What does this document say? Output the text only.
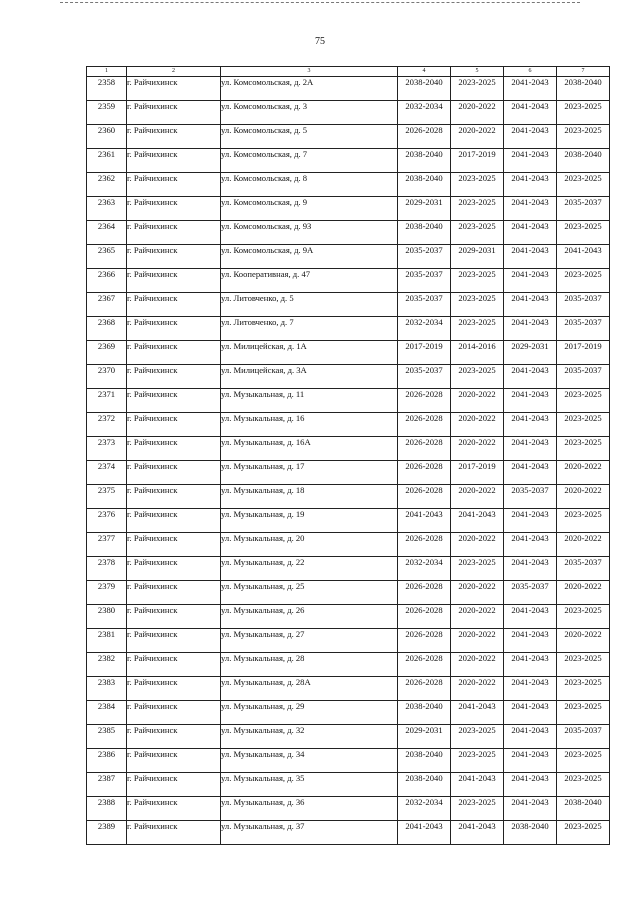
75
1	2	3	4	5	6	7
2358	г. Райчихинск	ул. Комсомольская, д. 2А	2038-2040	2023-2025	2041-2043	2038-2040
2359	г. Райчихинск	ул. Комсомольская, д. 3	2032-2034	2020-2022	2041-2043	2023-2025
2360	г. Райчихинск	ул. Комсомольская, д. 5	2026-2028	2020-2022	2041-2043	2023-2025
2361	г. Райчихинск	ул. Комсомольская, д. 7	2038-2040	2017-2019	2041-2043	2038-2040
2362	г. Райчихинск	ул. Комсомольская, д. 8	2038-2040	2023-2025	2041-2043	2023-2025
2363	г. Райчихинск	ул. Комсомольская, д. 9	2029-2031	2023-2025	2041-2043	2035-2037
2364	г. Райчихинск	ул. Комсомольская, д. 9З	2038-2040	2023-2025	2041-2043	2023-2025
2365	г. Райчихинск	ул. Комсомольская, д. 9А	2035-2037	2029-2031	2041-2043	2041-2043
2366	г. Райчихинск	ул. Кооперативная, д. 47	2035-2037	2023-2025	2041-2043	2023-2025
2367	г. Райчихинск	ул. Литовченко, д. 5	2035-2037	2023-2025	2041-2043	2035-2037
2368	г. Райчихинск	ул. Литовченко, д. 7	2032-2034	2023-2025	2041-2043	2035-2037
2369	г. Райчихинск	ул. Милицейская, д. 1А	2017-2019	2014-2016	2029-2031	2017-2019
2370	г. Райчихинск	ул. Милицейская, д. 3А	2035-2037	2023-2025	2041-2043	2035-2037
2371	г. Райчихинск	ул. Музыкальная, д. 11	2026-2028	2020-2022	2041-2043	2023-2025
2372	г. Райчихинск	ул. Музыкальная, д. 16	2026-2028	2020-2022	2041-2043	2023-2025
2373	г. Райчихинск	ул. Музыкальная, д. 16А	2026-2028	2020-2022	2041-2043	2023-2025
2374	г. Райчихинск	ул. Музыкальная, д. 17	2026-2028	2017-2019	2041-2043	2020-2022
2375	г. Райчихинск	ул. Музыкальная, д. 18	2026-2028	2020-2022	2035-2037	2020-2022
2376	г. Райчихинск	ул. Музыкальная, д. 19	2041-2043	2041-2043	2041-2043	2023-2025
2377	г. Райчихинск	ул. Музыкальная, д. 20	2026-2028	2020-2022	2041-2043	2020-2022
2378	г. Райчихинск	ул. Музыкальная, д. 22	2032-2034	2023-2025	2041-2043	2035-2037
2379	г. Райчихинск	ул. Музыкальная, д. 25	2026-2028	2020-2022	2035-2037	2020-2022
2380	г. Райчихинск	ул. Музыкальная, д. 26	2026-2028	2020-2022	2041-2043	2023-2025
2381	г. Райчихинск	ул. Музыкальная, д. 27	2026-2028	2020-2022	2041-2043	2020-2022
2382	г. Райчихинск	ул. Музыкальная, д. 28	2026-2028	2020-2022	2041-2043	2023-2025
2383	г. Райчихинск	ул. Музыкальная, д. 28А	2026-2028	2020-2022	2041-2043	2023-2025
2384	г. Райчихинск	ул. Музыкальная, д. 29	2038-2040	2041-2043	2041-2043	2023-2025
2385	г. Райчихинск	ул. Музыкальная, д. 32	2029-2031	2023-2025	2041-2043	2035-2037
2386	г. Райчихинск	ул. Музыкальная, д. 34	2038-2040	2023-2025	2041-2043	2023-2025
2387	г. Райчихинск	ул. Музыкальная, д. 35	2038-2040	2041-2043	2041-2043	2023-2025
2388	г. Райчихинск	ул. Музыкальная, д. 36	2032-2034	2023-2025	2041-2043	2038-2040
2389	г. Райчихинск	ул. Музыкальная, д. 37	2041-2043	2041-2043	2038-2040	2023-2025
